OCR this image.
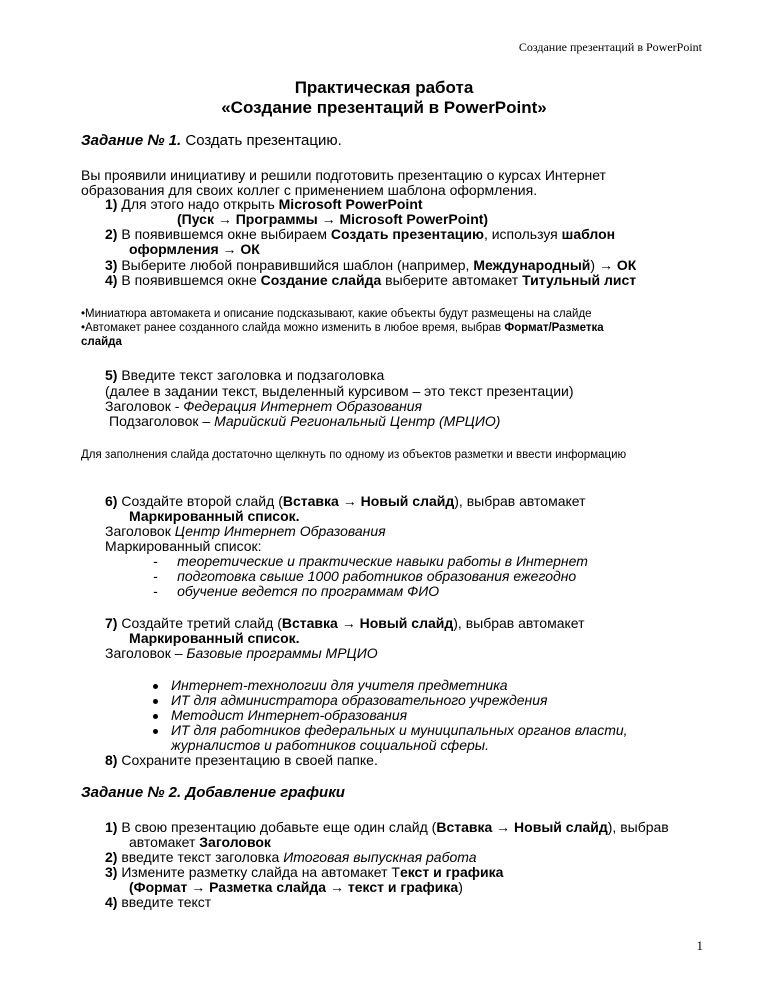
Создание презентаций в PowerPoint
Практическая работа
«Создание презентаций в PowerPoint»
Задание № 1. Создать презентацию.
Вы проявили инициативу и решили подготовить презентацию о курсах Интернет
образования для своих коллег с применением шаблона оформления.
1) Для этого надо открыть Microsoft PowerPoint
(Пуск → Программы → Microsoft PowerPoint)
2) В появившемся окне выбираем Создать презентацию, используя шаблон
оформления → ОК
3) Выберите любой понравившийся шаблон (например, Международный) → ОК
4) В появившемся окне Создание слайда выберите автомакет Титульный лист
•Миниатюра автомакета и описание подсказывают, какие объекты будут размещены на слайде
•Автомакет ранее созданного слайда можно изменить в любое время, выбрав Формат/Разметка
слайда
5) Введите текст заголовка и подзаголовка
(далее в задании текст, выделенный курсивом – это текст презентации)
Заголовок - Федерация Интернет Образования
Подзаголовок – Марийский Региональный Центр (МРЦИО)
Для заполнения слайда достаточно щелкнуть по одному из объектов разметки и ввести информацию
6) Создайте второй слайд (Вставка → Новый слайд), выбрав автомакет
Маркированный список.
Заголовок Центр Интернет Образования
Маркированный список:
-     теоретические и практические навыки работы в Интернет
-     подготовка свыше 1000 работников образования ежегодно
-     обучение ведется по программам ФИО
7) Создайте третий слайд (Вставка → Новый слайд), выбрав автомакет
Маркированный список.
Заголовок – Базовые программы МРЦИО
Интернет-технологии для учителя предметника
ИТ для администратора образовательного учреждения
Методист Интернет-образования
ИТ для работников федеральных и муниципальных органов власти,
журналистов и работников социальной сферы.
8) Сохраните презентацию в своей папке.
Задание № 2. Добавление графики
1) В свою презентацию добавьте еще один слайд (Вставка → Новый слайд), выбрав
автомакет Заголовок
2) введите текст заголовка Итоговая выпускная работа
3) Измените разметку слайда на автомакет Текст и графика
(Формат → Разметка слайда → текст и графика)
4) введите текст
1
